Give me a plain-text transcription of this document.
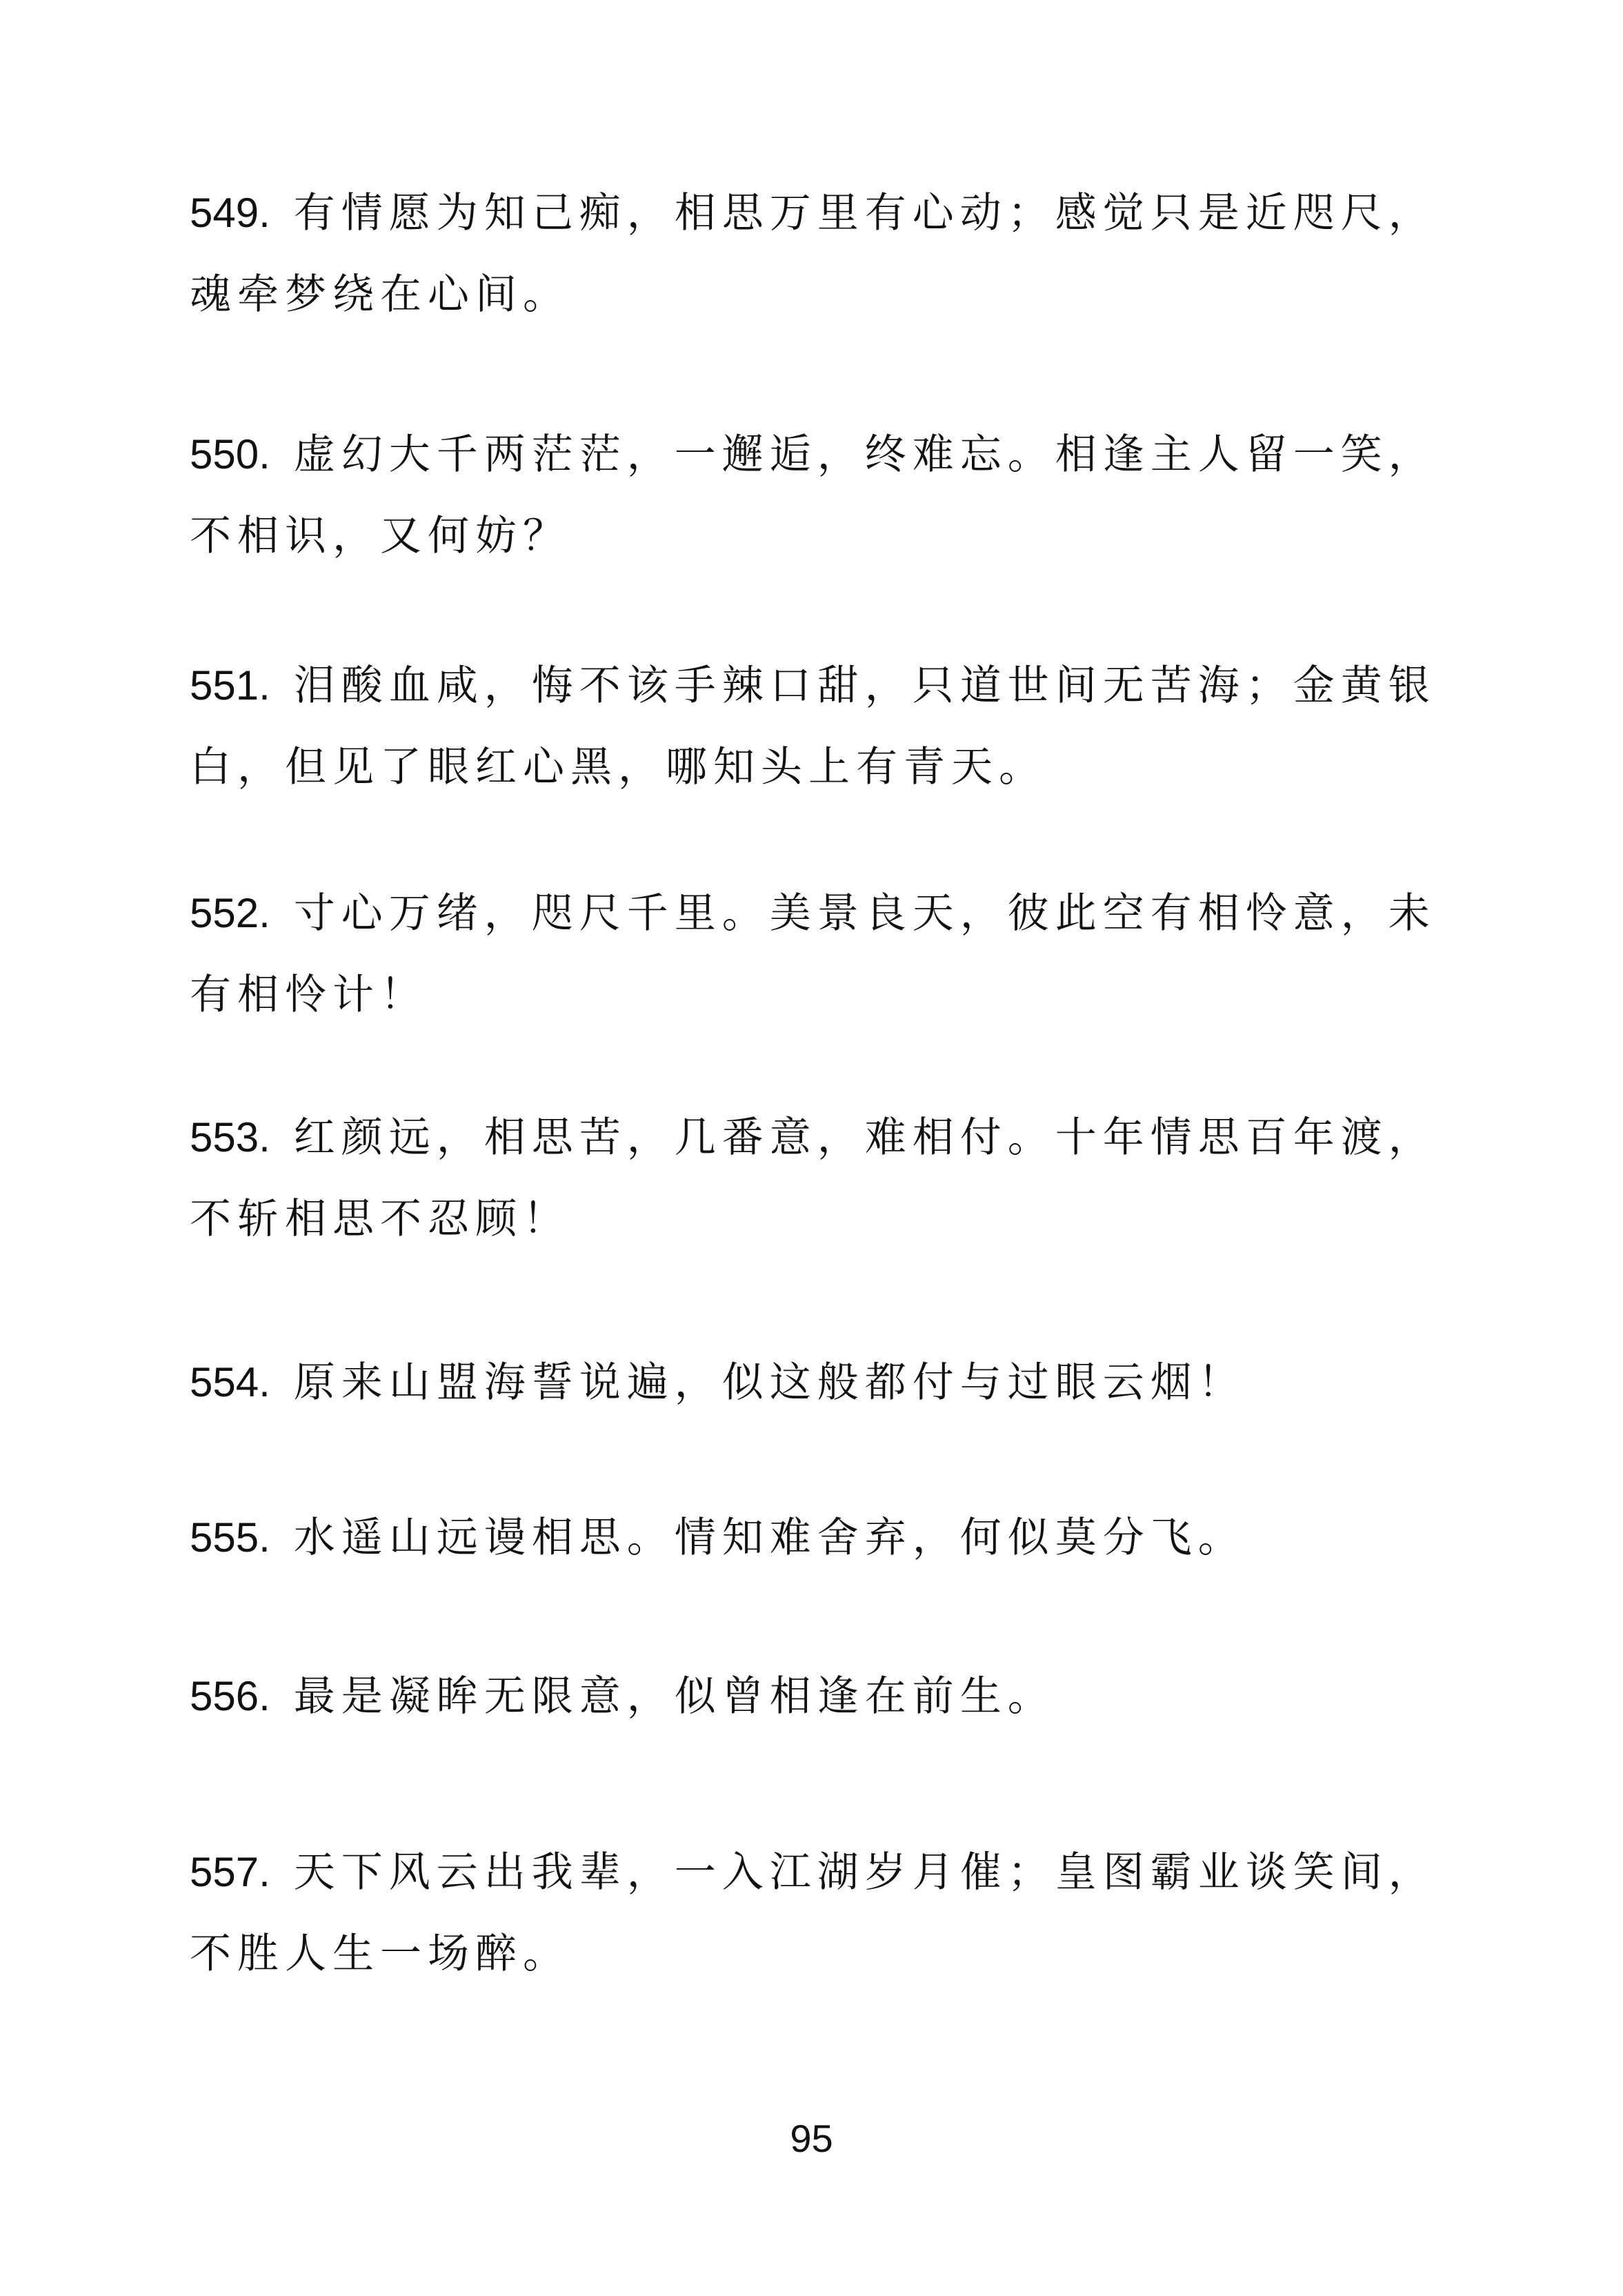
549. 有情愿为知己痴，相思万里有心动；感觉只是近咫尺，魂牵梦绕在心间。

550. 虚幻大千两茫茫，一邂逅，终难忘。相逢主人留一笑，不相识，又何妨？

551. 泪酸血咸，悔不该手辣口甜，只道世间无苦海；金黄银白，但见了眼红心黑，哪知头上有青天。

552. 寸心万绪，咫尺千里。美景良天，彼此空有相怜意，未有相怜计！

553. 红颜远，相思苦，几番意，难相付。十年情思百年渡，不斩相思不忍顾！

554. 原来山盟海誓说遍，似这般都付与过眼云烟！

555. 水遥山远谩相思。情知难舍弃，何似莫分飞。

556. 最是凝眸无限意，似曾相逢在前生。

557. 天下风云出我辈，一入江湖岁月催；皇图霸业谈笑间，不胜人生一场醉。

95
